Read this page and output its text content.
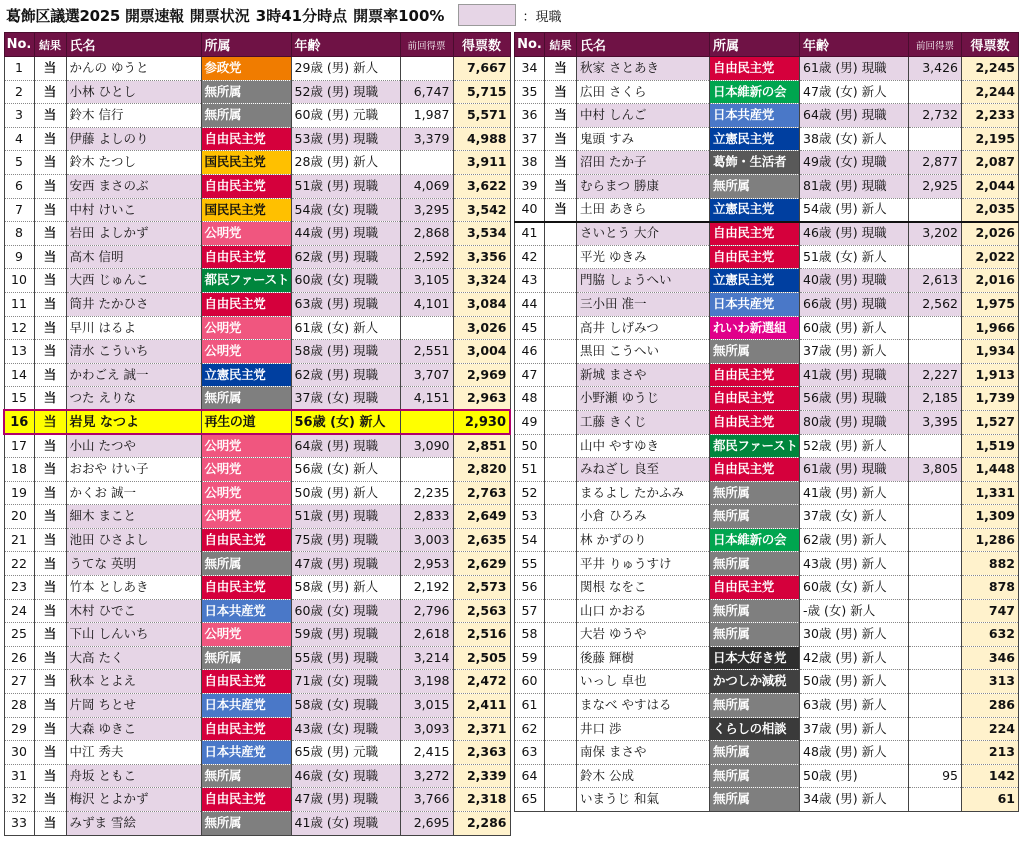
葛飾区議選2025 開票速報 開票状況 3時41分時点 開票率100%	：現職
No.	結果	氏名	所属	年齢	前回得票	得票数
1	当	かんの ゆうと	参政党	29歳 (男) 新人		7,667
2	当	小林 ひとし	無所属	52歳 (男) 現職	6,747	5,715
3	当	鈴木 信行	無所属	60歳 (男) 元職	1,987	5,571
4	当	伊藤 よしのり	自由民主党	53歳 (男) 現職	3,379	4,988
5	当	鈴木 たつし	国民民主党	28歳 (男) 新人		3,911
6	当	安西 まさのぶ	自由民主党	51歳 (男) 現職	4,069	3,622
7	当	中村 けいこ	国民民主党	54歳 (女) 現職	3,295	3,542
8	当	岩田 よしかず	公明党	44歳 (男) 現職	2,868	3,534
9	当	高木 信明	自由民主党	62歳 (男) 現職	2,592	3,356
10	当	大西 じゅんこ	都民ファースト	60歳 (女) 現職	3,105	3,324
11	当	筒井 たかひさ	自由民主党	63歳 (男) 現職	4,101	3,084
12	当	早川 はるよ	公明党	61歳 (女) 新人		3,026
13	当	清水 こういち	公明党	58歳 (男) 現職	2,551	3,004
14	当	かわごえ 誠一	立憲民主党	62歳 (男) 現職	3,707	2,969
15	当	つた えりな	無所属	37歳 (女) 現職	4,151	2,963
16	当	岩見 なつよ	再生の道	56歳 (女) 新人		2,930
17	当	小山 たつや	公明党	64歳 (男) 現職	3,090	2,851
18	当	おおや けい子	公明党	56歳 (女) 新人		2,820
19	当	かくお 誠一	公明党	50歳 (男) 新人	2,235	2,763
20	当	細木 まこと	公明党	51歳 (男) 現職	2,833	2,649
21	当	池田 ひさよし	自由民主党	75歳 (男) 現職	3,003	2,635
22	当	うてな 英明	無所属	47歳 (男) 現職	2,953	2,629
23	当	竹本 としあき	自由民主党	58歳 (男) 新人	2,192	2,573
24	当	木村 ひでこ	日本共産党	60歳 (女) 現職	2,796	2,563
25	当	下山 しんいち	公明党	59歳 (男) 現職	2,618	2,516
26	当	大高 たく	無所属	55歳 (男) 現職	3,214	2,505
27	当	秋本 とよえ	自由民主党	71歳 (女) 現職	3,198	2,472
28	当	片岡 ちとせ	日本共産党	58歳 (女) 現職	3,015	2,411
29	当	大森 ゆきこ	自由民主党	43歳 (女) 現職	3,093	2,371
30	当	中江 秀夫	日本共産党	65歳 (男) 元職	2,415	2,363
31	当	舟坂 ともこ	無所属	46歳 (女) 現職	3,272	2,339
32	当	梅沢 とよかず	自由民主党	47歳 (男) 現職	3,766	2,318
33	当	みずま 雪絵	無所属	41歳 (女) 現職	2,695	2,286
No.	結果	氏名	所属	年齢	前回得票	得票数
34	当	秋家 さとあき	自由民主党	61歳 (男) 現職	3,426	2,245
35	当	広田 さくら	日本維新の会	47歳 (女) 新人		2,244
36	当	中村 しんご	日本共産党	64歳 (男) 現職	2,732	2,233
37	当	鬼頭 すみ	立憲民主党	38歳 (女) 新人		2,195
38	当	沼田 たか子	葛飾・生活者	49歳 (女) 現職	2,877	2,087
39	当	むらまつ 勝康	無所属	81歳 (男) 現職	2,925	2,044
40	当	土田 あきら	立憲民主党	54歳 (男) 新人		2,035
41		さいとう 大介	自由民主党	46歳 (男) 現職	3,202	2,026
42		平光 ゆきみ	自由民主党	51歳 (女) 新人		2,022
43		門脇 しょうへい	立憲民主党	40歳 (男) 現職	2,613	2,016
44		三小田 准一	日本共産党	66歳 (男) 現職	2,562	1,975
45		高井 しげみつ	れいわ新選組	60歳 (男) 新人		1,966
46		黒田 こうへい	無所属	37歳 (男) 新人		1,934
47		新城 まさや	自由民主党	41歳 (男) 現職	2,227	1,913
48		小野瀬 ゆうじ	自由民主党	56歳 (男) 現職	2,185	1,739
49		工藤 きくじ	自由民主党	80歳 (男) 現職	3,395	1,527
50		山中 やすゆき	都民ファースト	52歳 (男) 新人		1,519
51		みねざし 良至	自由民主党	61歳 (男) 現職	3,805	1,448
52		まるよし たかふみ	無所属	41歳 (男) 新人		1,331
53		小倉 ひろみ	無所属	37歳 (女) 新人		1,309
54		林 かずのり	日本維新の会	62歳 (男) 新人		1,286
55		平井 りゅうすけ	無所属	43歳 (男) 新人		882
56		関根 なをこ	自由民主党	60歳 (女) 新人		878
57		山口 かおる	無所属	-歳 (女) 新人		747
58		大岩 ゆうや	無所属	30歳 (男) 新人		632
59		後藤 輝樹	日本大好き党	42歳 (男) 新人		346
60		いっし 卓也	かつしか減税	50歳 (男) 新人		313
61		まなべ やすはる	無所属	63歳 (男) 新人		286
62		井口 渉	くらしの相談	37歳 (男) 新人		224
63		南保 まさや	無所属	48歳 (男) 新人		213
64		鈴木 公成	無所属	50歳 (男)	95	142
65		いまうじ 和氣	無所属	34歳 (男) 新人		61
